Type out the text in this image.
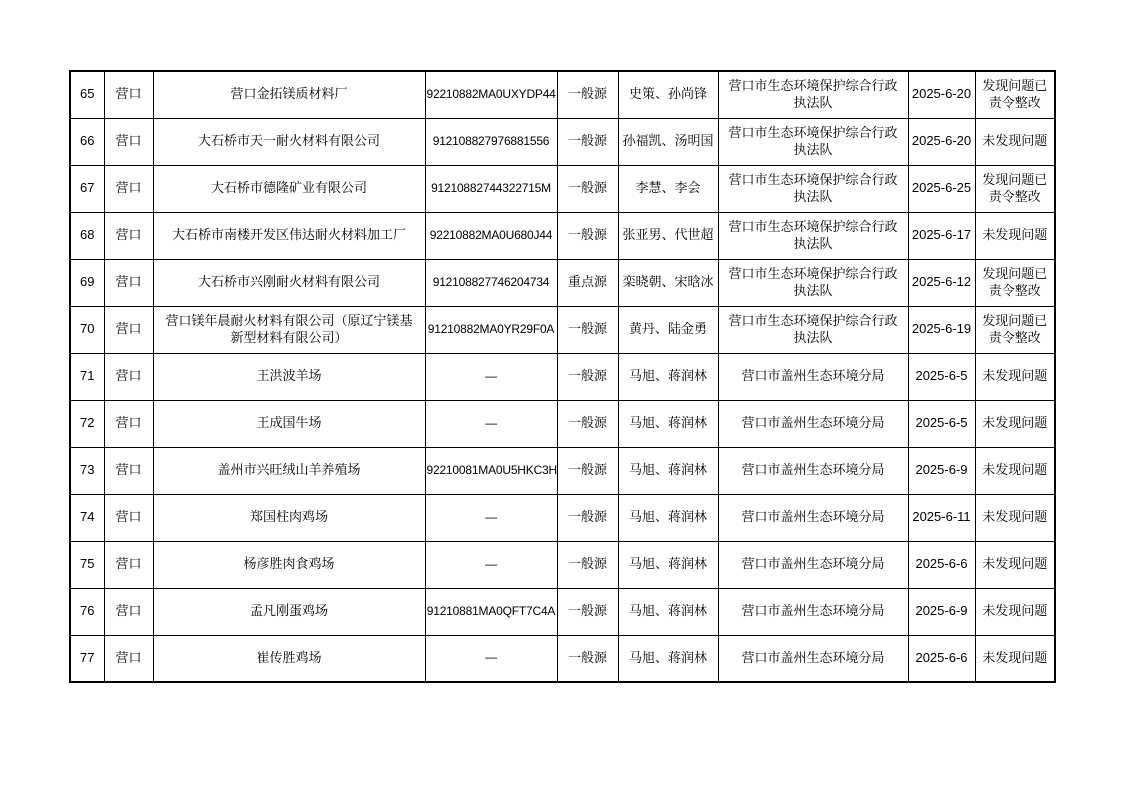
65	营口	营口金拓镁质材料厂	92210882MA0UXYDP44	一般源	史策、孙尚锋	营口市生态环境保护综合行政执法队	2025-6-20	发现问题已责令整改
66	营口	大石桥市天一耐火材料有限公司	912108827976881556	一般源	孙福凯、汤明国	营口市生态环境保护综合行政执法队	2025-6-20	未发现问题
67	营口	大石桥市德隆矿业有限公司	91210882744322715M	一般源	李慧、李会	营口市生态环境保护综合行政执法队	2025-6-25	发现问题已责令整改
68	营口	大石桥市南楼开发区伟达耐火材料加工厂	92210882MA0U680J44	一般源	张亚男、代世超	营口市生态环境保护综合行政执法队	2025-6-17	未发现问题
69	营口	大石桥市兴刚耐火材料有限公司	912108827746204734	重点源	栾晓朝、宋晗冰	营口市生态环境保护综合行政执法队	2025-6-12	发现问题已责令整改
70	营口	营口镁年晨耐火材料有限公司（原辽宁镁基新型材料有限公司）	91210882MA0YR29F0A	一般源	黄丹、陆金勇	营口市生态环境保护综合行政执法队	2025-6-19	发现问题已责令整改
71	营口	王洪波羊场	—	一般源	马旭、蒋润林	营口市盖州生态环境分局	2025-6-5	未发现问题
72	营口	王成国牛场	—	一般源	马旭、蒋润林	营口市盖州生态环境分局	2025-6-5	未发现问题
73	营口	盖州市兴旺绒山羊养殖场	92210081MA0U5HKC3H	一般源	马旭、蒋润林	营口市盖州生态环境分局	2025-6-9	未发现问题
74	营口	郑国柱肉鸡场	—	一般源	马旭、蒋润林	营口市盖州生态环境分局	2025-6-11	未发现问题
75	营口	杨彦胜肉食鸡场	—	一般源	马旭、蒋润林	营口市盖州生态环境分局	2025-6-6	未发现问题
76	营口	孟凡刚蛋鸡场	91210881MA0QFT7C4A	一般源	马旭、蒋润林	营口市盖州生态环境分局	2025-6-9	未发现问题
77	营口	崔传胜鸡场	—	一般源	马旭、蒋润林	营口市盖州生态环境分局	2025-6-6	未发现问题
